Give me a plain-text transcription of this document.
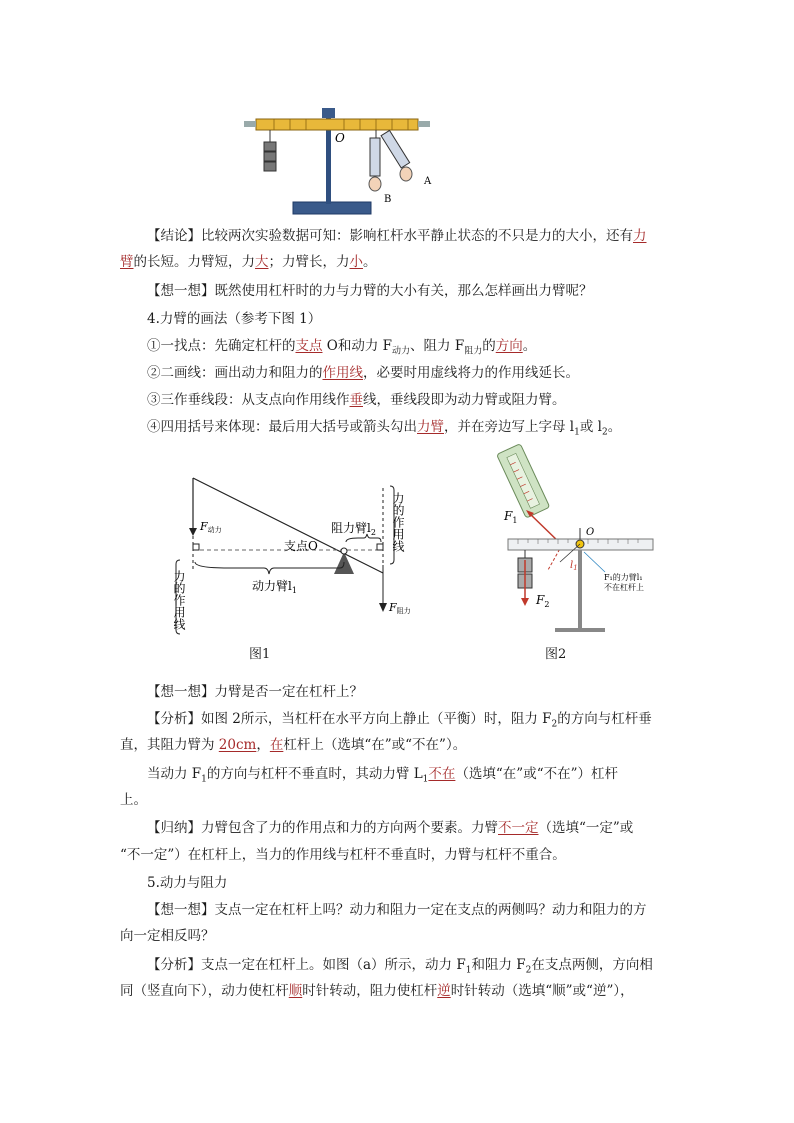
O
A
B
【结论】比较两次实验数据可知：影响杠杆水平静止状态的不只是力的大小，还有力
臂的长短。力臂短，力大；力臂长，力小。
【想一想】既然使用杠杆时的力与力臂的大小有关，那么怎样画出力臂呢？
4.力臂的画法（参考下图 1）
①一找点：先确定杠杆的支点 O和动力 $F_{动力}$、阻力 $F_{阻力}$的方向。
②二画线：画出动力和阻力的作用线，必要时用虚线将力的作用线延长。
③三作垂线段：从支点向作用线作垂线，垂线段即为动力臂或阻力臂。
④四用括号来体现：最后用大括号或箭头勾出力臂，并在旁边写上字母 $l_1$或 $l_2$。
F动力
F阻力
支点O
阻力臂$l_2$
动力臂$l_1$
力的作用线
力的作用线
图1
$F_1$
$F_2$
O
$l_1$
F₁的力臂l₁
不在杠杆上
图2
【想一想】力臂是否一定在杠杆上？
【分析】如图 2所示，当杠杆在水平方向上静止（平衡）时，阻力 $F_2$的方向与杠杆垂
直，其阻力臂为 20cm，在杠杆上（选填“在”或“不在”）。
当动力 $F_1$的方向与杠杆不垂直时，其动力臂 $L_1$不在（选填“在”或“不在”）杠杆
上。
【归纳】力臂包含了力的作用点和力的方向两个要素。力臂不一定（选填“一定”或
“不一定”）在杠杆上，当力的作用线与杠杆不垂直时，力臂与杠杆不重合。
5.动力与阻力
【想一想】支点一定在杠杆上吗？动力和阻力一定在支点的两侧吗？动力和阻力的方
向一定相反吗？
【分析】支点一定在杠杆上。如图（a）所示，动力 $F_1$和阻力 $F_2$在支点两侧，方向相
同（竖直向下），动力使杠杆顺时针转动，阻力使杠杆逆时针转动（选填“顺”或“逆”），
